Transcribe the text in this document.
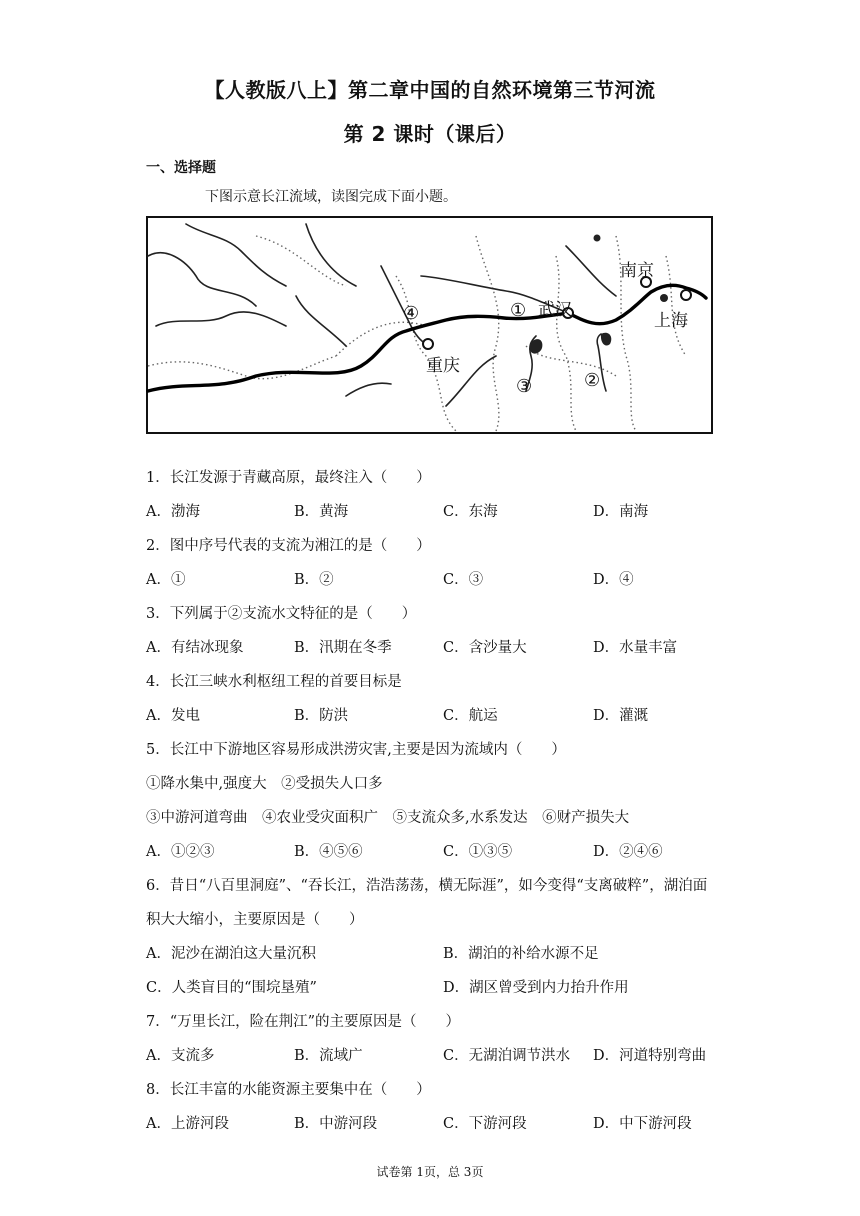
【人教版八上】第二章中国的自然环境第三节河流
第 2 课时（课后）
一、选择题
下图示意长江流域，读图完成下面小题。
南京
武汉
重庆
上海
①
②
③
④
1．长江发源于青藏高原，最终注入（　　）
A．渤海	B．黄海	C．东海	D．南海
2．图中序号代表的支流为湘江的是（　　）
A．①	B．②	C．③	D．④
3．下列属于②支流水文特征的是（　　）
A．有结冰现象	B．汛期在冬季	C．含沙量大	D．水量丰富
4．长江三峡水利枢纽工程的首要目标是
A．发电	B．防洪	C．航运	D．灌溉
5．长江中下游地区容易形成洪涝灾害,主要是因为流域内（　　）
①降水集中,强度大　②受损失人口多
③中游河道弯曲　④农业受灾面积广　⑤支流众多,水系发达　⑥财产损失大
A．①②③	B．④⑤⑥	C．①③⑤	D．②④⑥
6．昔日“八百里洞庭”、“吞长江，浩浩荡荡，横无际涯”，如今变得“支离破粹”，湖泊面
积大大缩小，主要原因是（　　）
A．泥沙在湖泊这大量沉积	B．湖泊的补给水源不足
C．人类盲目的“围垸垦殖”	D．湖区曾受到内力抬升作用
7．“万里长江，险在荆江”的主要原因是（　　）
A．支流多	B．流域广	C．无湖泊调节洪水 D．河道特别弯曲
8．长江丰富的水能资源主要集中在（　　）
A．上游河段	B．中游河段	C．下游河段	D．中下游河段
试卷第 1页，总 3页
